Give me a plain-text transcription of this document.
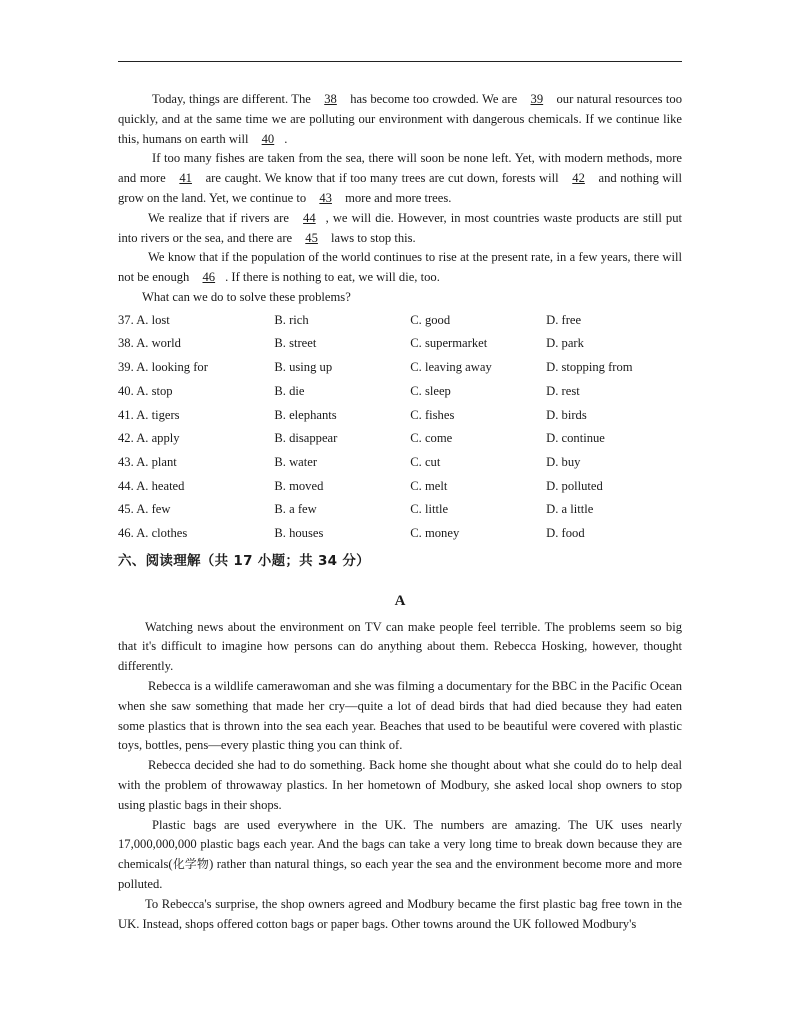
Today, things are different. The 38 has become too crowded. We are 39 our natural resources too quickly, and at the same time we are polluting our environment with dangerous chemicals. If we continue like this, humans on earth will 40 .

If too many fishes are taken from the sea, there will soon be none left. Yet, with modern methods, more and more 41 are caught. We know that if too many trees are cut down, forests will 42 and nothing will grow on the land. Yet, we continue to 43 more and more trees.

We realize that if rivers are 44 , we will die. However, in most countries waste products are still put into rivers or the sea, and there are 45 laws to stop this.

We know that if the population of the world continues to rise at the present rate, in a few years, there will not be enough 46 . If there is nothing to eat, we will die, too.

What can we do to solve these problems?

37. A. lost	B. rich	C. good	D. free
38. A. world	B. street	C. supermarket	D. park
39. A. looking for	B. using up	C. leaving away	D. stopping from
40. A. stop	B. die	C. sleep	D. rest
41. A. tigers	B. elephants	C. fishes	D. birds
42. A. apply	B. disappear	C. come	D. continue
43. A. plant	B. water	C. cut	D. buy
44. A. heated	B. moved	C. melt	D. polluted
45. A. few	B. a few	C. little	D. a little
46. A. clothes	B. houses	C. money	D. food
六、阅读理解（共 17 小题；共 34 分）
A

Watching news about the environment on TV can make people feel terrible. The problems seem so big that it's difficult to imagine how persons can do anything about them. Rebecca Hosking, however, thought differently.

Rebecca is a wildlife camerawoman and she was filming a documentary for the BBC in the Pacific Ocean when she saw something that made her cry—quite a lot of dead birds that had died because they had eaten some plastics that is thrown into the sea each year. Beaches that used to be beautiful were covered with plastic toys, bottles, pens—every plastic thing you can think of.

Rebecca decided she had to do something. Back home she thought about what she could do to help deal with the problem of throwaway plastics. In her hometown of Modbury, she asked local shop owners to stop using plastic bags in their shops.

Plastic bags are used everywhere in the UK. The numbers are amazing. The UK uses nearly 17,000,000,000 plastic bags each year. And the bags can take a very long time to break down because they are chemicals(化学物) rather than natural things, so each year the sea and the environment become more and more polluted.

To Rebecca's surprise, the shop owners agreed and Modbury became the first plastic bag free town in the UK. Instead, shops offered cotton bags or paper bags. Other towns around the UK followed Modbury's
